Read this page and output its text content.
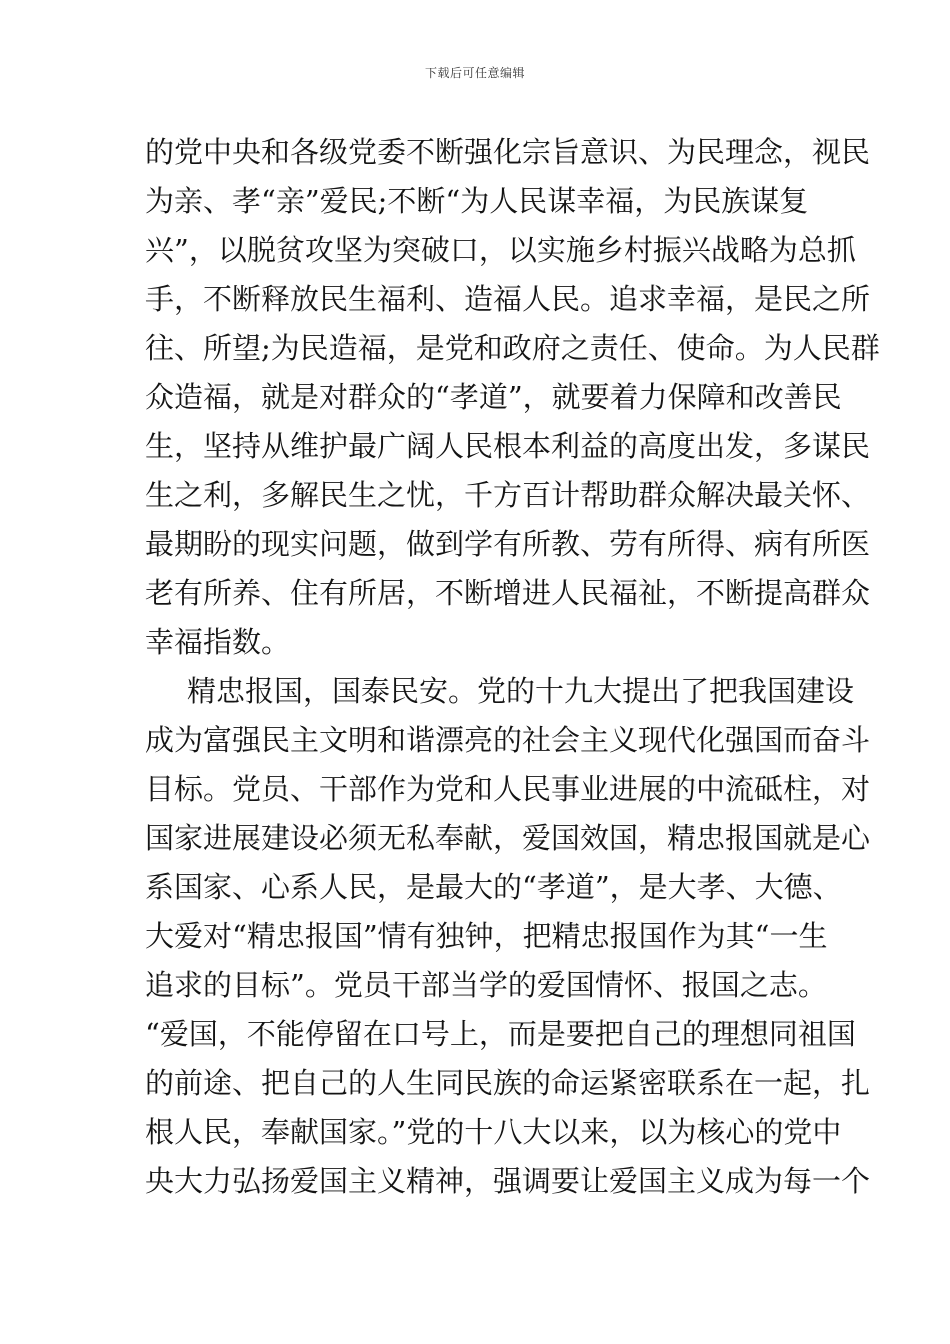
下载后可任意编辑
的党中央和各级党委不断强化宗旨意识、为民理念，视民
为亲、孝“亲”爱民;不断“为人民谋幸福，为民族谋复
兴”，以脱贫攻坚为突破口，以实施乡村振兴战略为总抓
手，不断释放民生福利、造福人民。追求幸福，是民之所
往、所望;为民造福，是党和政府之责任、使命。为人民群
众造福，就是对群众的“孝道”，就要着力保障和改善民
生，坚持从维护最广阔人民根本利益的高度出发，多谋民
生之利，多解民生之忧，千方百计帮助群众解决最关怀、
最期盼的现实问题，做到学有所教、劳有所得、病有所医
老有所养、住有所居，不断增进人民福祉，不断提高群众
幸福指数。
精忠报国，国泰民安。党的十九大提出了把我国建设
成为富强民主文明和谐漂亮的社会主义现代化强国而奋斗
目标。党员、干部作为党和人民事业进展的中流砥柱，对
国家进展建设必须无私奉献，爱国效国，精忠报国就是心
系国家、心系人民，是最大的“孝道”，是大孝、大德、
大爱对“精忠报国”情有独钟，把精忠报国作为其“一生
追求的目标”。党员干部当学的爱国情怀、报国之志。
“爱国，不能停留在口号上，而是要把自己的理想同祖国
的前途、把自己的人生同民族的命运紧密联系在一起，扎
根人民，奉献国家。”党的十八大以来，以为核心的党中
央大力弘扬爱国主义精神，强调要让爱国主义成为每一个
